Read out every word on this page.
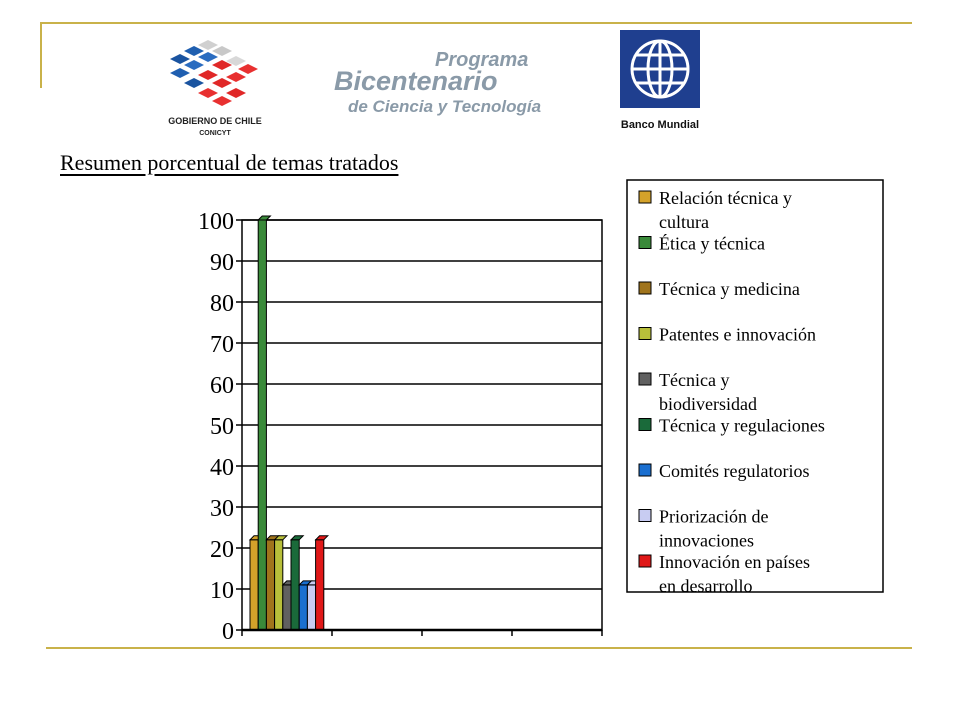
GOBIERNO DE CHILE
CONICYT
Programa
Bicentenario
de Ciencia y Tecnología
Banco Mundial
Resumen porcentual de temas tratados
0
10
20
30
40
50
60
70
80
90
100
Relación técnica y cultura
Ética y técnica
Técnica y medicina
Patentes e innovación
Técnica y biodiversidad
Técnica y regulaciones
Comités regulatorios
Priorización de innovaciones
Innovación en países en desarrollo
